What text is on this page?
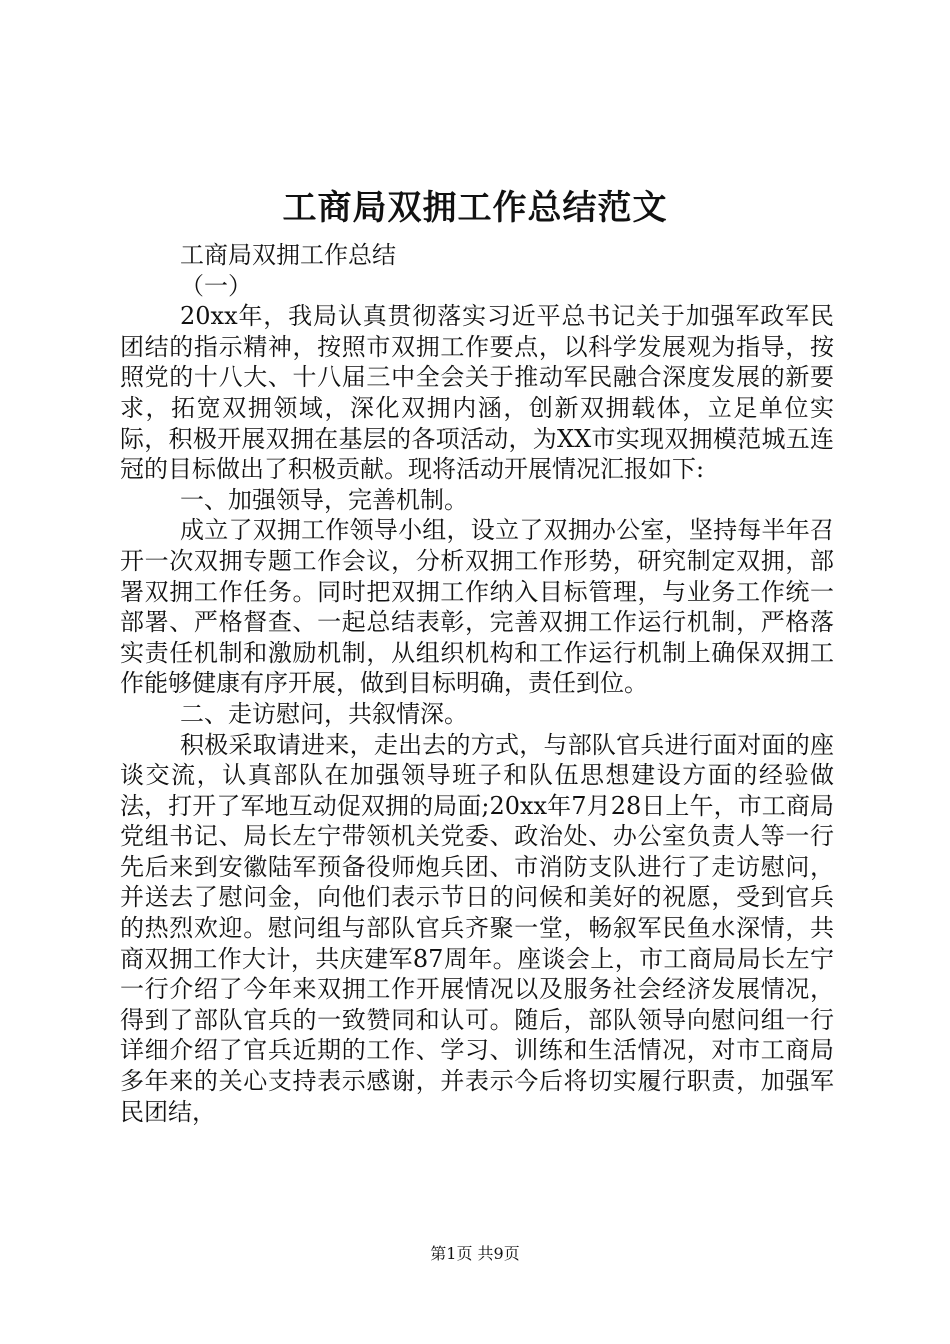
工商局双拥工作总结范文

工商局双拥工作总结

（一）

20xx年，我局认真贯彻落实习近平总书记关于加强军政军民团结的指示精神，按照市双拥工作要点，以科学发展观为指导，按照党的十八大、十八届三中全会关于推动军民融合深度发展的新要求，拓宽双拥领域，深化双拥内涵，创新双拥载体，立足单位实际，积极开展双拥在基层的各项活动，为XX市实现双拥模范城五连冠的目标做出了积极贡献。现将活动开展情况汇报如下:

一、加强领导，完善机制。

成立了双拥工作领导小组，设立了双拥办公室，坚持每半年召开一次双拥专题工作会议，分析双拥工作形势，研究制定双拥，部署双拥工作任务。同时把双拥工作纳入目标管理，与业务工作统一部署、严格督查、一起总结表彰，完善双拥工作运行机制，严格落实责任机制和激励机制，从组织机构和工作运行机制上确保双拥工作能够健康有序开展，做到目标明确，责任到位。

二、走访慰问，共叙情深。

积极采取请进来，走出去的方式，与部队官兵进行面对面的座谈交流，认真部队在加强领导班子和队伍思想建设方面的经验做法，打开了军地互动促双拥的局面;20xx年7月28日上午，市工商局党组书记、局长左宁带领机关党委、政治处、办公室负责人等一行先后来到安徽陆军预备役师炮兵团、市消防支队进行了走访慰问，并送去了慰问金，向他们表示节日的问候和美好的祝愿，受到官兵的热烈欢迎。慰问组与部队官兵齐聚一堂，畅叙军民鱼水深情，共商双拥工作大计，共庆建军87周年。座谈会上，市工商局局长左宁一行介绍了今年来双拥工作开展情况以及服务社会经济发展情况，得到了部队官兵的一致赞同和认可。随后，部队领导向慰问组一行详细介绍了官兵近期的工作、学习、训练和生活情况，对市工商局多年来的关心支持表示感谢，并表示今后将切实履行职责，加强军民团结，

第1页 共9页
